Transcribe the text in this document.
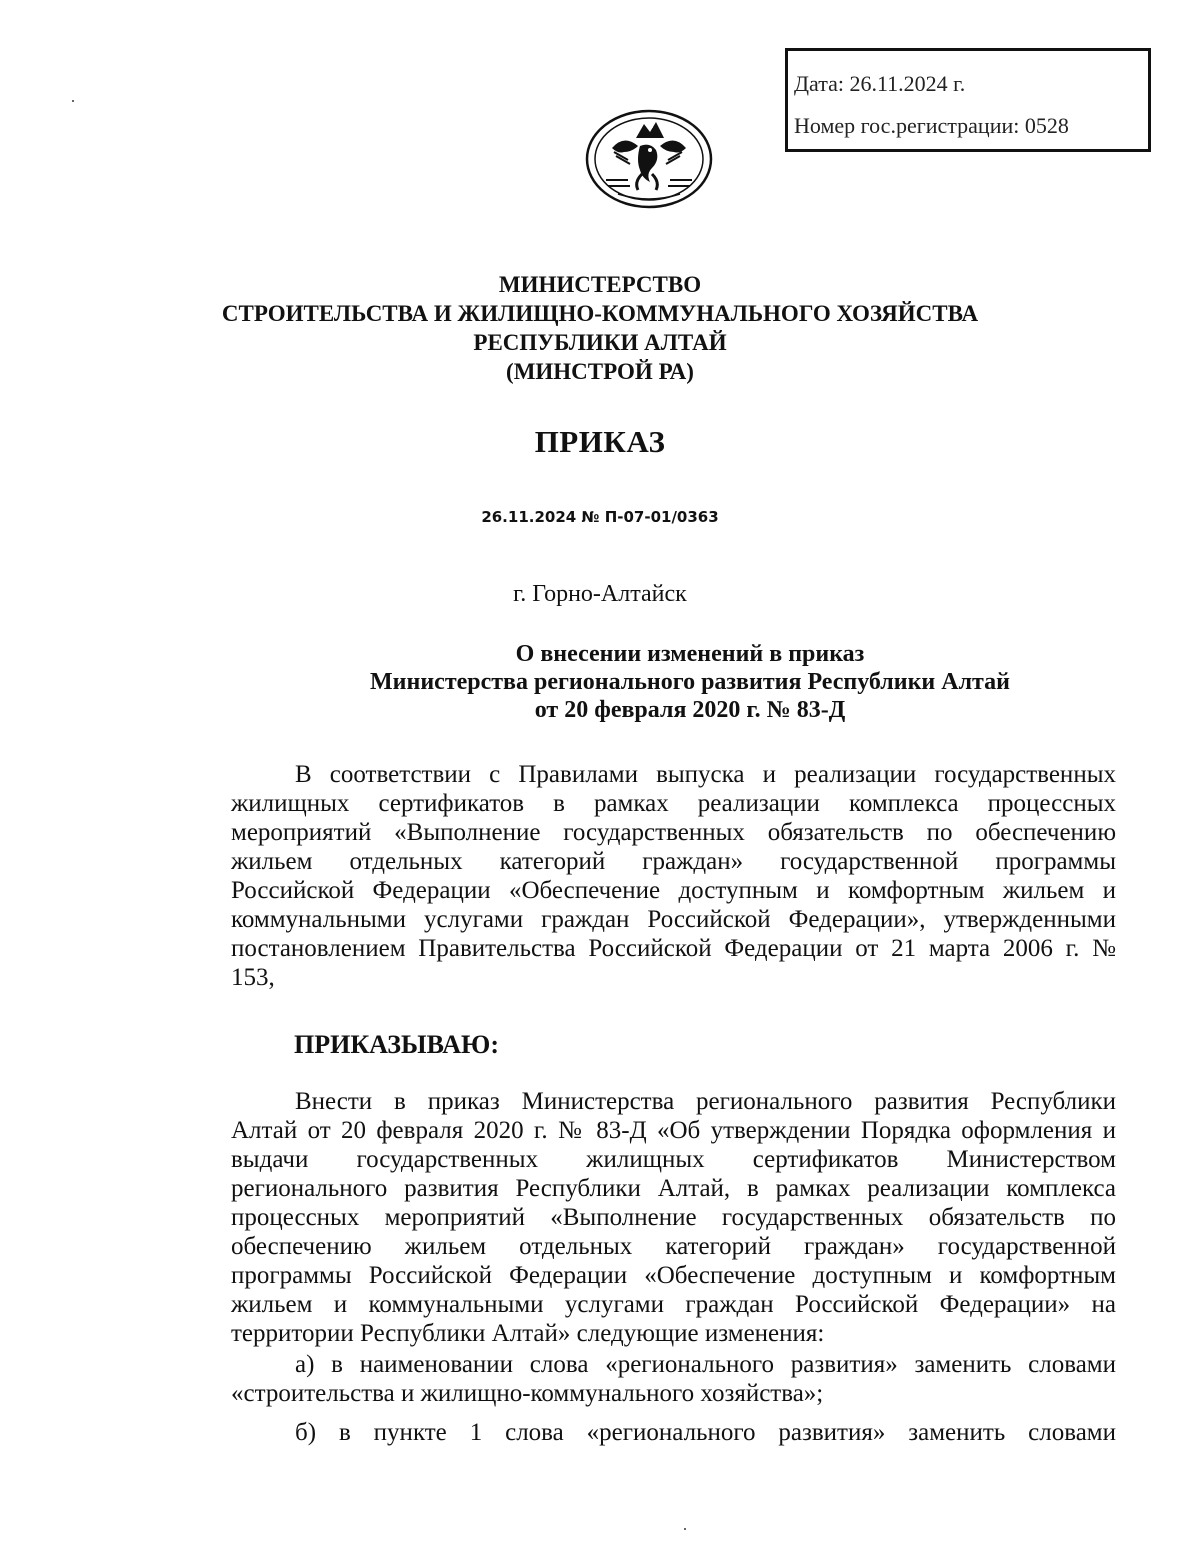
Дата: 26.11.2024 г.
Номер гос.регистрации: 0528
МИНИСТЕРСТВО
СТРОИТЕЛЬСТВА И ЖИЛИЩНО-КОММУНАЛЬНОГО ХОЗЯЙСТВА
РЕСПУБЛИКИ АЛТАЙ
(МИНСТРОЙ РА)
ПРИКАЗ
26.11.2024 № П-07-01/0363
г. Горно-Алтайск
О внесении изменений в приказ
Министерства регионального развития Республики Алтай
от 20 февраля 2020 г. № 83-Д
В соответствии с Правилами выпуска и реализации государственных
жилищных сертификатов в рамках реализации комплекса процессных
мероприятий «Выполнение государственных обязательств по обеспечению
жильем отдельных категорий граждан» государственной программы
Российской Федерации «Обеспечение доступным и комфортным жильем и
коммунальными услугами граждан Российской Федерации», утвержденными
постановлением Правительства Российской Федерации от 21 марта 2006 г. №
153,
ПРИКАЗЫВАЮ:
Внести в приказ Министерства регионального развития Республики
Алтай от 20 февраля 2020 г. № 83-Д «Об утверждении Порядка оформления и
выдачи государственных жилищных сертификатов Министерством
регионального развития Республики Алтай, в рамках реализации комплекса
процессных мероприятий «Выполнение государственных обязательств по
обеспечению жильем отдельных категорий граждан» государственной
программы Российской Федерации «Обеспечение доступным и комфортным
жильем и коммунальными услугами граждан Российской Федерации» на
территории Республики Алтай» следующие изменения:
а) в наименовании слова «регионального развития» заменить словами
«строительства и жилищно-коммунального хозяйства»;
б) в пункте 1 слова «регионального развития» заменить словами
